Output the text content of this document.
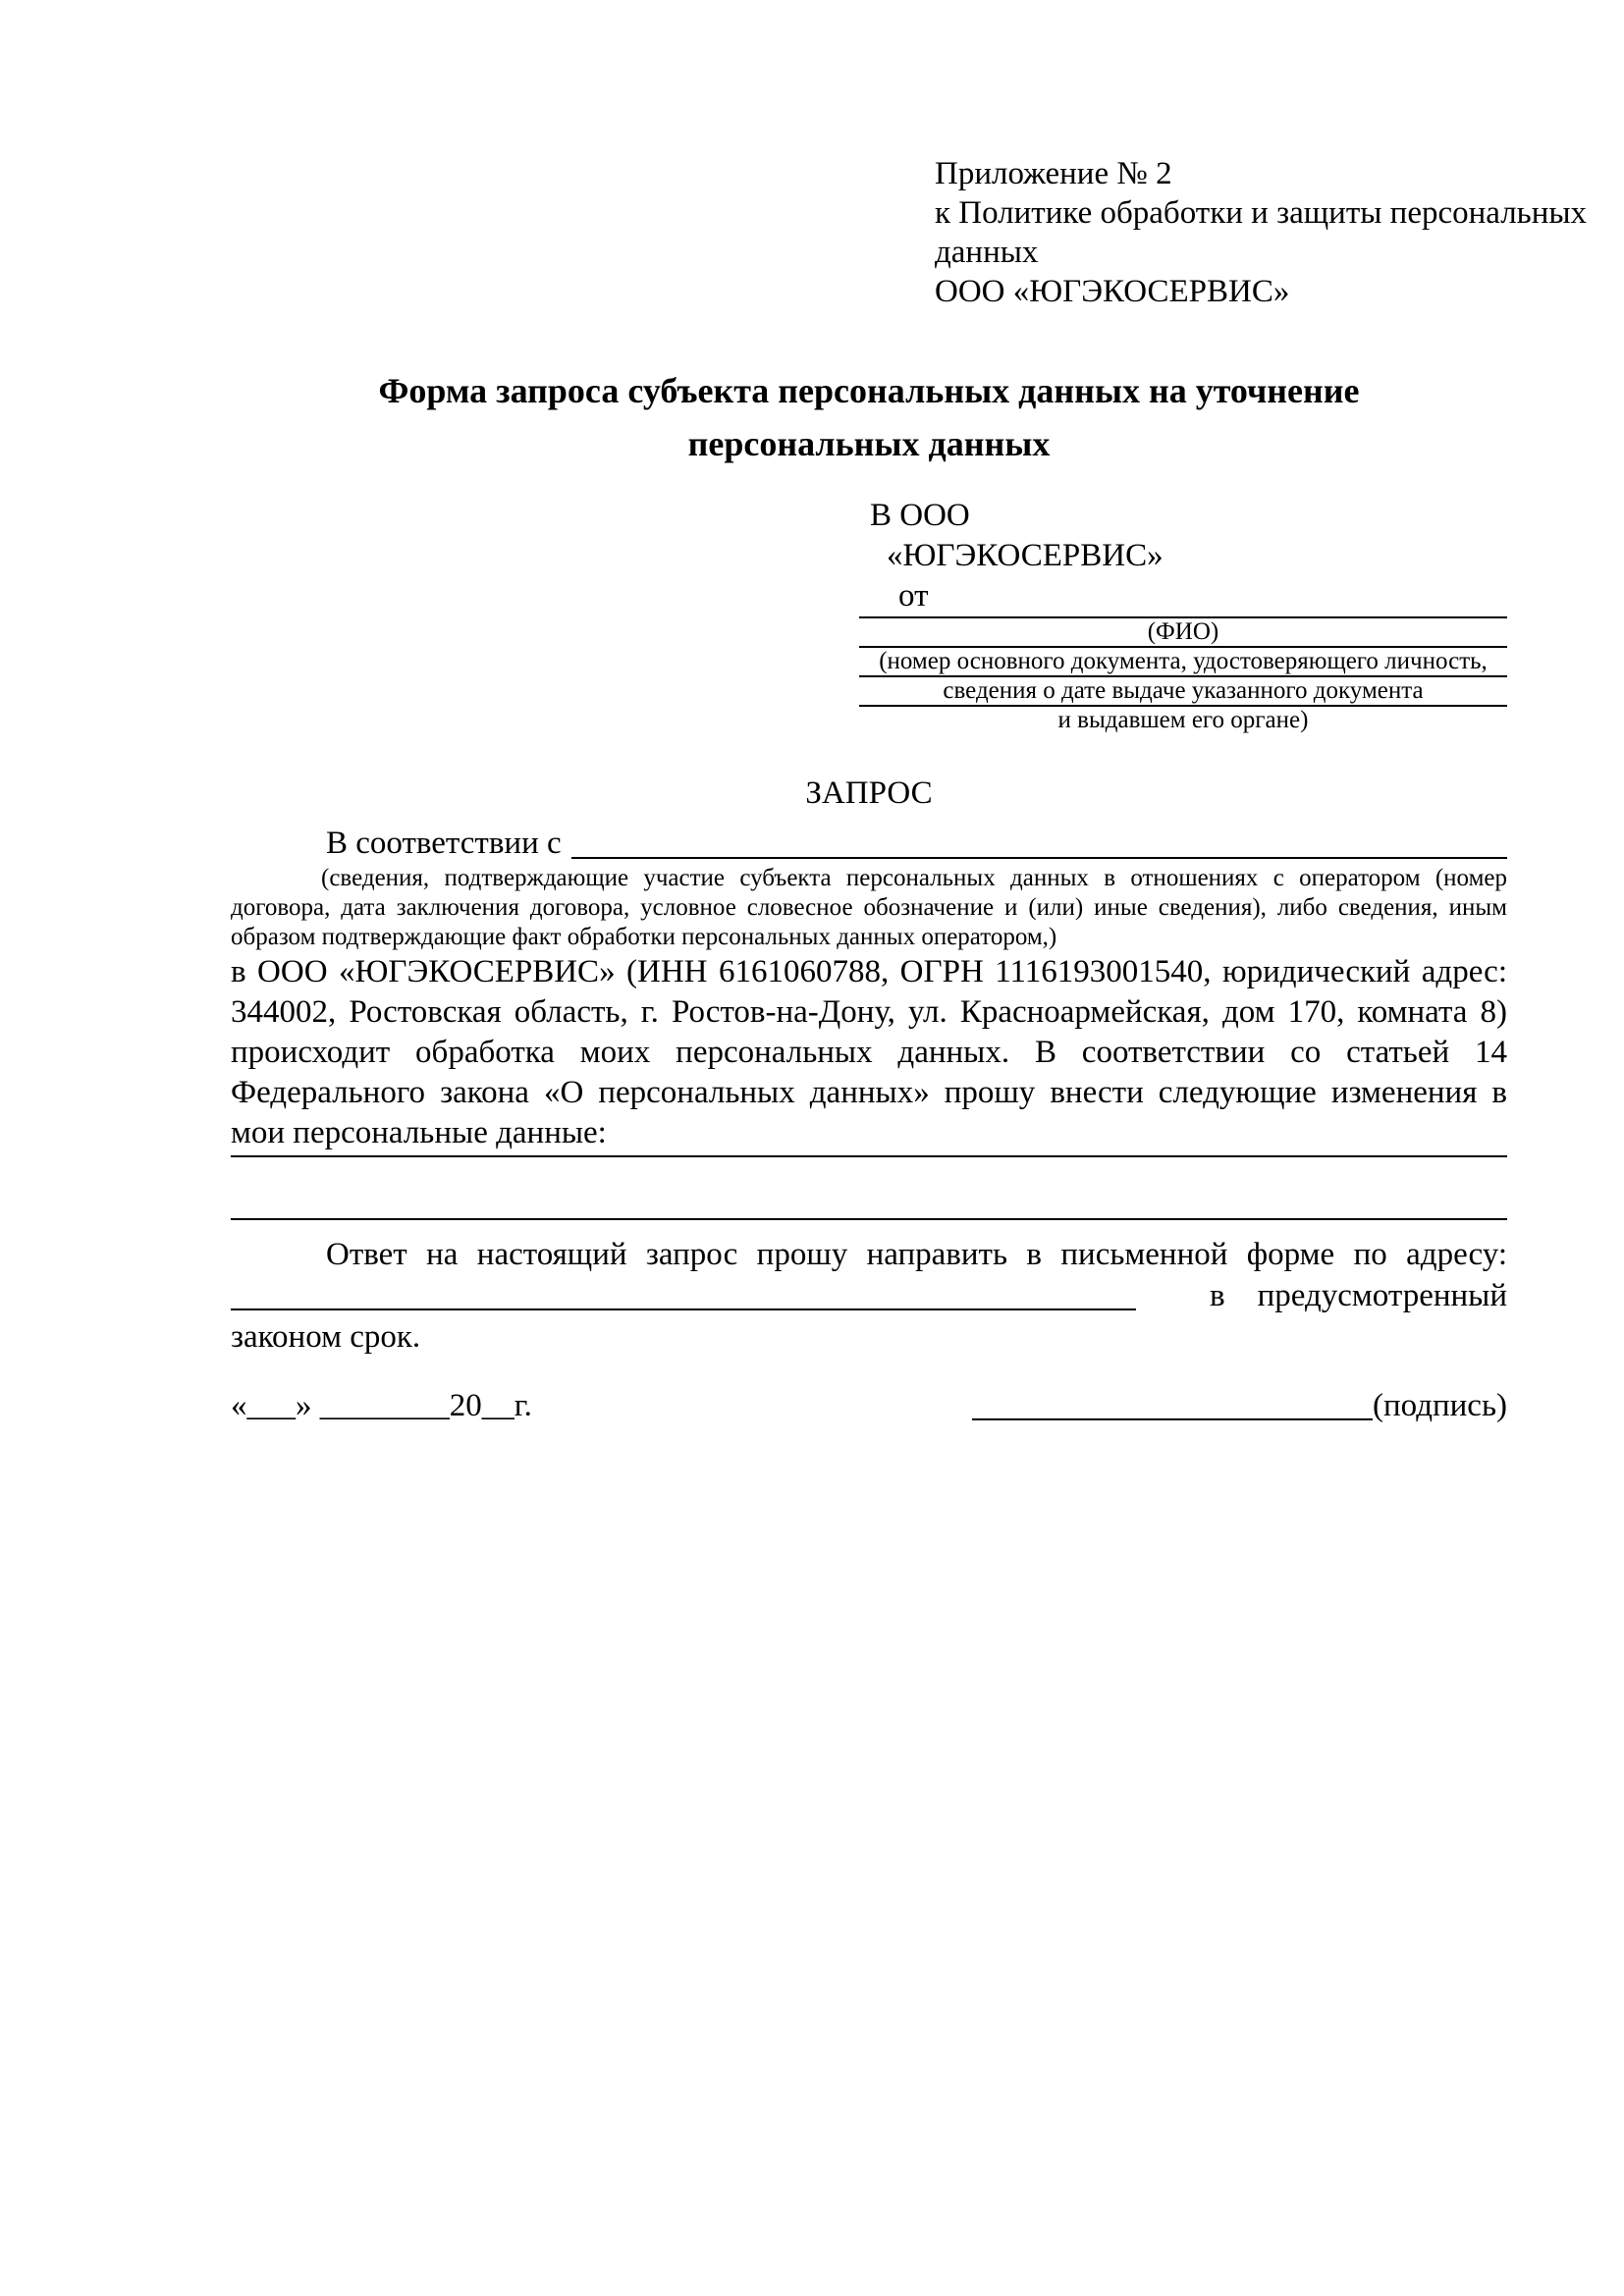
Приложение № 2
к Политике обработки и защиты персональных
данных
ООО «ЮГЭКОСЕРВИС»
Форма запроса субъекта персональных данных на уточнение персональных данных
В ООО
«ЮГЭКОСЕРВИС»
от
(ФИО)
(номер основного документа, удостоверяющего личность,
сведения о дате выдаче указанного документа
и выдавшем его органе)
ЗАПРОС
В соответствии с
(сведения, подтверждающие участие субъекта персональных данных в отношениях с оператором (номер договора, дата заключения договора, условное словесное обозначение и (или) иные сведения), либо сведения, иным образом подтверждающие факт обработки персональных данных оператором,)
в ООО «ЮГЭКОСЕРВИС» (ИНН 6161060788, ОГРН 1116193001540, юридический адрес: 344002, Ростовская область, г. Ростов-на-Дону, ул. Красноармейская, дом 170, комната 8) происходит обработка моих персональных данных. В соответствии со статьей 14 Федерального закона «О персональных данных» прошу внести следующие изменения в мои персональные данные:
Ответ на настоящий запрос прошу направить в письменной форме по адресу:
в предусмотренный
законом срок.
«___» ________20__г.	(подпись)
